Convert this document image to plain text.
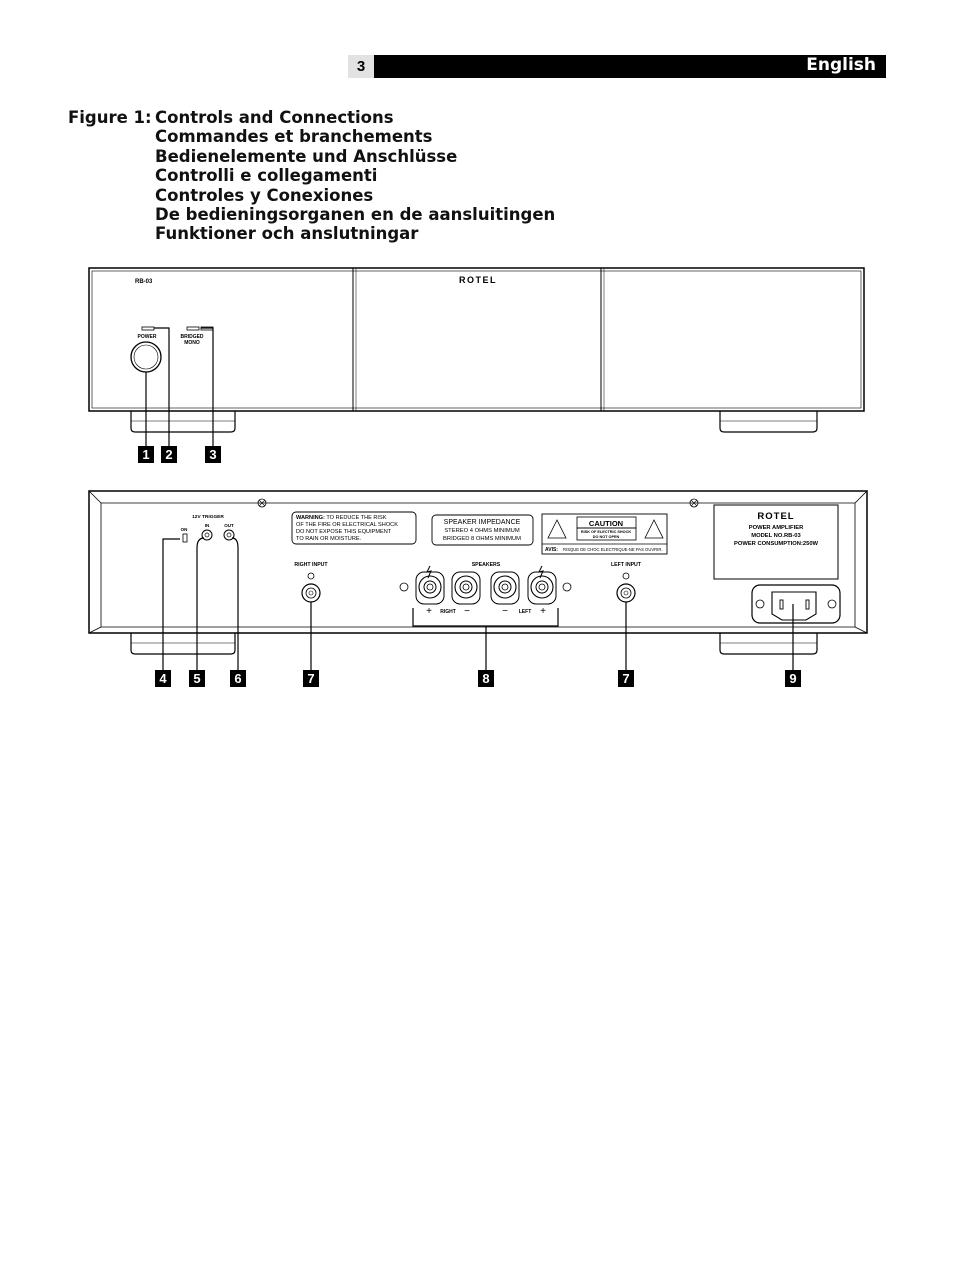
3	English
Figure 1: Controls and Connections
Commandes et branchements
Bedienelemente und Anschlüsse
Controlli e collegamenti
Controles y Conexiones
De bedieningsorganen en de aansluitingen
Funktioner och anslutningar
RB-03	ROTEL
POWER	BRIDGED
MONO
1 2	3
12V TRIGGER
ON
IN	OUT
WARNING: TO REDUCE THE RISK
OF THE FIRE OR ELECTRICAL SHOCK
DO NOT EXPOSE THIS EQUIPMENT
TO RAIN OR MOISTURE.
SPEAKER IMPEDANCE
STEREO 4 OHMS MINIMUM
BRIDGED 8 OHMS MINIMUM
CAUTION
RISK OF ELECTRIC SHOCK
DO NOT OPEN
AVIS: RISQUE DE CHOC ELECTRIQUE-NE PAS OUVRIR.
ROTEL
POWER AMPLIFIER
MODEL NO.RB-03
POWER CONSUMPTION:250W
RIGHT INPUT	LEFT INPUT
SPEAKERS
RIGHT	LEFT
+	−	−	+
4 5	6	7	8	7	9
